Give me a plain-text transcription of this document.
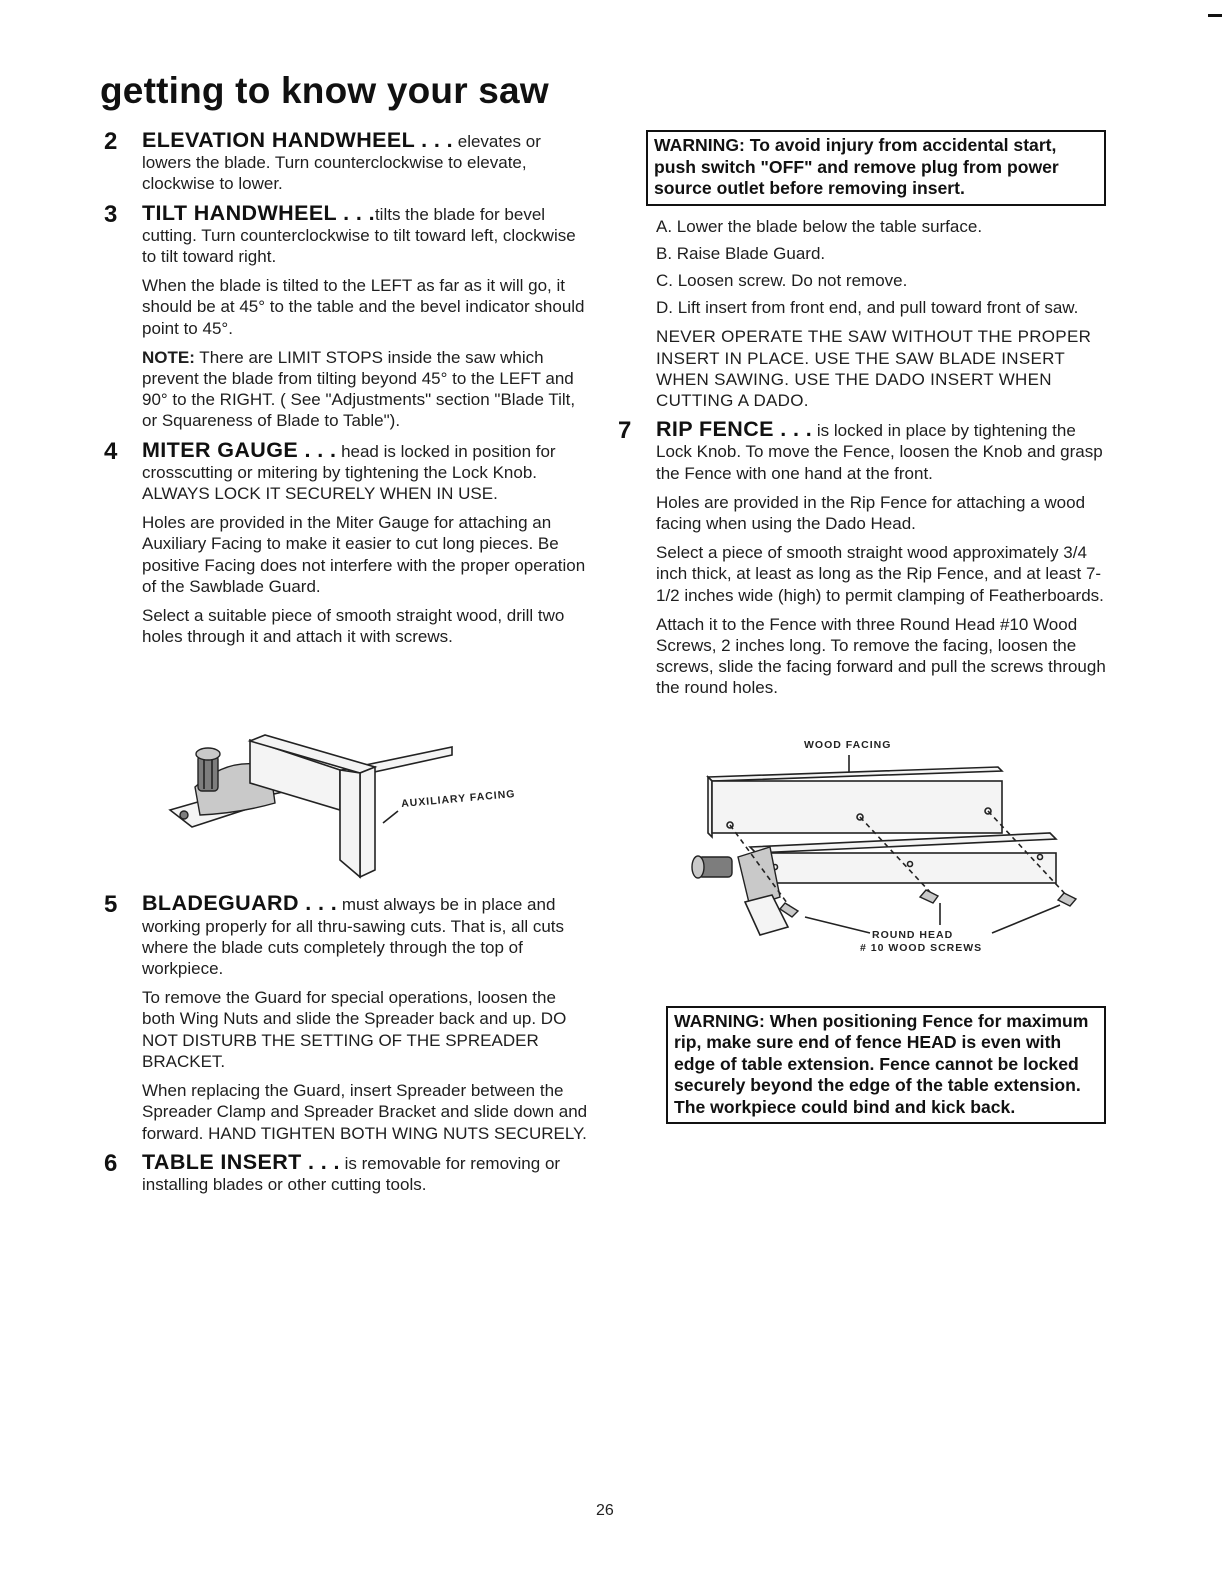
getting to know your saw
2 ELEVATION HANDWHEEL . . . elevates or lowers the blade. Turn counterclockwise to elevate, clockwise to lower.

3 TILT HANDWHEEL . . .tilts the blade for bevel cutting. Turn counterclockwise to tilt toward left, clockwise to tilt toward right.

When the blade is tilted to the LEFT as far as it will go, it should be at 45° to the table and the bevel indicator should point to 45°.

NOTE: There are LIMIT STOPS inside the saw which prevent the blade from tilting beyond 45° to the LEFT and 90° to the RIGHT. ( See "Adjustments" section "Blade Tilt, or Squareness of Blade to Table").

4 MITER GAUGE . . . head is locked in position for crosscutting or mitering by tightening the Lock Knob. ALWAYS LOCK IT SECURELY WHEN IN USE.

Holes are provided in the Miter Gauge for attaching an Auxiliary Facing to make it easier to cut long pieces. Be positive Facing does not interfere with the proper operation of the Sawblade Guard.

Select a suitable piece of smooth straight wood, drill two holes through it and attach it with screws.

AUXILIARY FACING
5 BLADEGUARD . . . must always be in place and working properly for all thru-sawing cuts. That is, all cuts where the blade cuts completely through the top of workpiece.

To remove the Guard for special operations, loosen the both Wing Nuts and slide the Spreader back and up. DO NOT DISTURB THE SETTING OF THE SPREADER BRACKET.

When replacing the Guard, insert Spreader between the Spreader Clamp and Spreader Bracket and slide down and forward. HAND TIGHTEN BOTH WING NUTS SECURELY.

6 TABLE INSERT . . . is removable for removing or installing blades or other cutting tools.

WARNING: To avoid injury from accidental start, push switch "OFF" and remove plug from power source outlet before removing insert.

A. Lower the blade below the table surface.

B. Raise Blade Guard.

C. Loosen screw. Do not remove.

D. Lift insert from front end, and pull toward front of saw.

NEVER OPERATE THE SAW WITHOUT THE PROPER INSERT IN PLACE. USE THE SAW BLADE INSERT WHEN SAWING. USE THE DADO INSERT WHEN CUTTING A DADO.

7 RIP FENCE . . . is locked in place by tightening the Lock Knob. To move the Fence, loosen the Knob and grasp the Fence with one hand at the front.

Holes are provided in the Rip Fence for attaching a wood facing when using the Dado Head.

Select a piece of smooth straight wood approximately 3/4 inch thick, at least as long as the Rip Fence, and at least 7-1/2 inches wide (high) to permit clamping of Featherboards.

Attach it to the Fence with three Round Head #10 Wood Screws, 2 inches long. To remove the facing, loosen the screws, slide the facing forward and pull the screws through the round holes.

WOOD FACING
ROUND HEAD
# 10 WOOD SCREWS
WARNING: When positioning Fence for maximum rip, make sure end of fence HEAD is even with edge of table extension. Fence cannot be locked securely beyond the edge of the table extension. The workpiece could bind and kick back.
26
